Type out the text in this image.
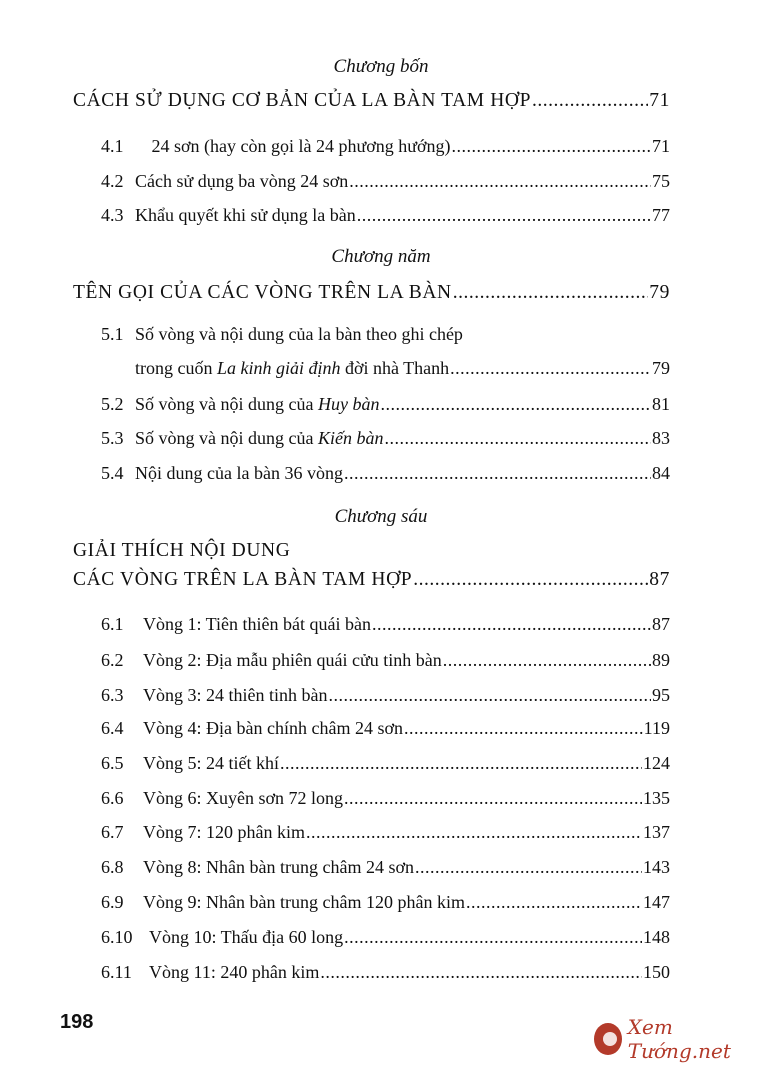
Chương bốn
CÁCH SỬ DỤNG CƠ BẢN CỦA LA BÀN TAM HỢP .....	71
4.1 24 sơn (hay còn gọi là 24 phương hướng) .....	71
4.2 Cách sử dụng ba vòng 24 sơn .....	75
4.3 Khẩu quyết khi sử dụng la bàn .....	77
Chương năm
TÊN GỌI CỦA CÁC VÒNG TRÊN LA BÀN .....	79
5.1 Số vòng và nội dung của la bàn theo ghi chép
trong cuốn La kinh giải định đời nhà Thanh .....	79
5.2 Số vòng và nội dung của Huy bàn .....	81
5.3 Số vòng và nội dung của Kiến bàn .....	83
5.4 Nội dung của la bàn 36 vòng .....	84
Chương sáu
GIẢI THÍCH NỘI DUNG
CÁC VÒNG TRÊN LA BÀN TAM HỢP .....	87
6.1 Vòng 1: Tiên thiên bát quái bàn .....	87
6.2 Vòng 2: Địa mẫu phiên quái cửu tinh bàn .....	89
6.3 Vòng 3: 24 thiên tinh bàn .....	95
6.4 Vòng 4: Địa bàn chính châm 24 sơn .....	119
6.5 Vòng 5: 24 tiết khí .....	124
6.6 Vòng 6: Xuyên sơn 72 long .....	135
6.7 Vòng 7: 120 phân kim .....	137
6.8 Vòng 8: Nhân bàn trung châm 24 sơn .....	143
6.9 Vòng 9: Nhân bàn trung châm 120 phân kim .....	147
6.10 Vòng 10: Thấu địa 60 long .....	148
6.11 Vòng 11: 240 phân kim .....	150
198	Xem Tướng.net
